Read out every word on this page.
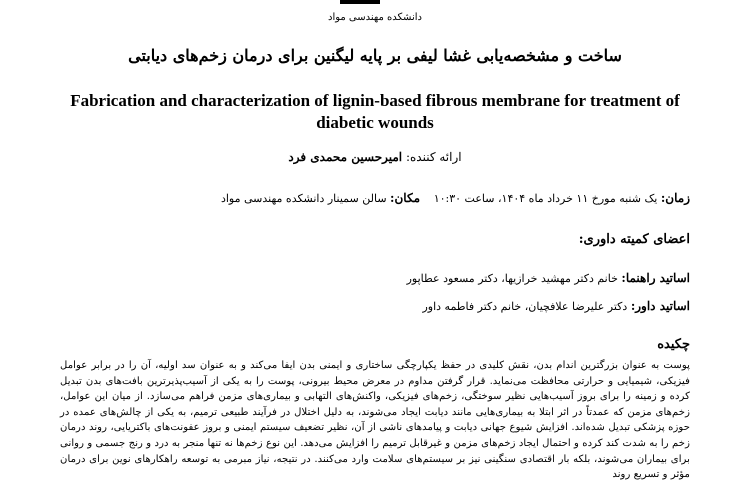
دانشکده مهندسی مواد
ساخت و مشخصه‌یابی غشا لیفی بر پایه لیگنین برای درمان زخم‌های دیابتی
Fabrication and characterization of lignin-based fibrous membrane for treatment of diabetic wounds
ارائه کننده: امیرحسین محمدی فرد
زمان: یک شنبه مورخ ۱۱ خرداد ماه ۱۴۰۴، ساعت ۱۰:۳۰
مکان: سالن سمینار دانشکده مهندسی مواد
اعضای کمیته داوری:
اساتید راهنما: خانم دکتر مهشید خرازیها، دکتر مسعود عطاپور
اساتید داور: دکتر علیرضا علافچیان، خانم دکتر فاطمه داور
چکیده

پوست به عنوان بزرگترین اندام بدن، نقش کلیدی در حفظ یکپارچگی ساختاری و ایمنی بدن ایفا می‌کند و به عنوان سد اولیه، آن را در برابر عوامل فیزیکی، شیمیایی و حرارتی محافظت می‌نماید. قرار گرفتن مداوم در معرض محیط بیرونی، پوست را به یکی از آسیب‌پذیرترین بافت‌های بدن تبدیل کرده و زمینه را برای بروز آسیب‌هایی نظیر سوختگی، زخم‌های فیزیکی، واکنش‌های التهابی و بیماری‌های مزمن فراهم می‌سازد. از میان این عوامل، زخم‌های مزمن که عمدتاً در اثر ابتلا به بیماری‌هایی مانند دیابت ایجاد می‌شوند، به دلیل اختلال در فرآیند طبیعی ترمیم، به یکی از چالش‌های عمده در حوزه پزشکی تبدیل شده‌اند. افزایش شیوع جهانی دیابت و پیامدهای ناشی از آن، نظیر تضعیف سیستم ایمنی و بروز عفونت‌های باکتریایی، روند درمان زخم را به شدت کند کرده و احتمال ایجاد زخم‌های مزمن و غیرقابل ترمیم را افزایش می‌دهد. این نوع زخم‌ها نه تنها منجر به درد و رنج جسمی و روانی برای بیماران می‌شوند، بلکه بار اقتصادی سنگینی نیز بر سیستم‌های سلامت وارد می‌کنند. در نتیجه، نیاز مبرمی به توسعه راهکارهای نوین برای درمان مؤثر و تسریع روند
